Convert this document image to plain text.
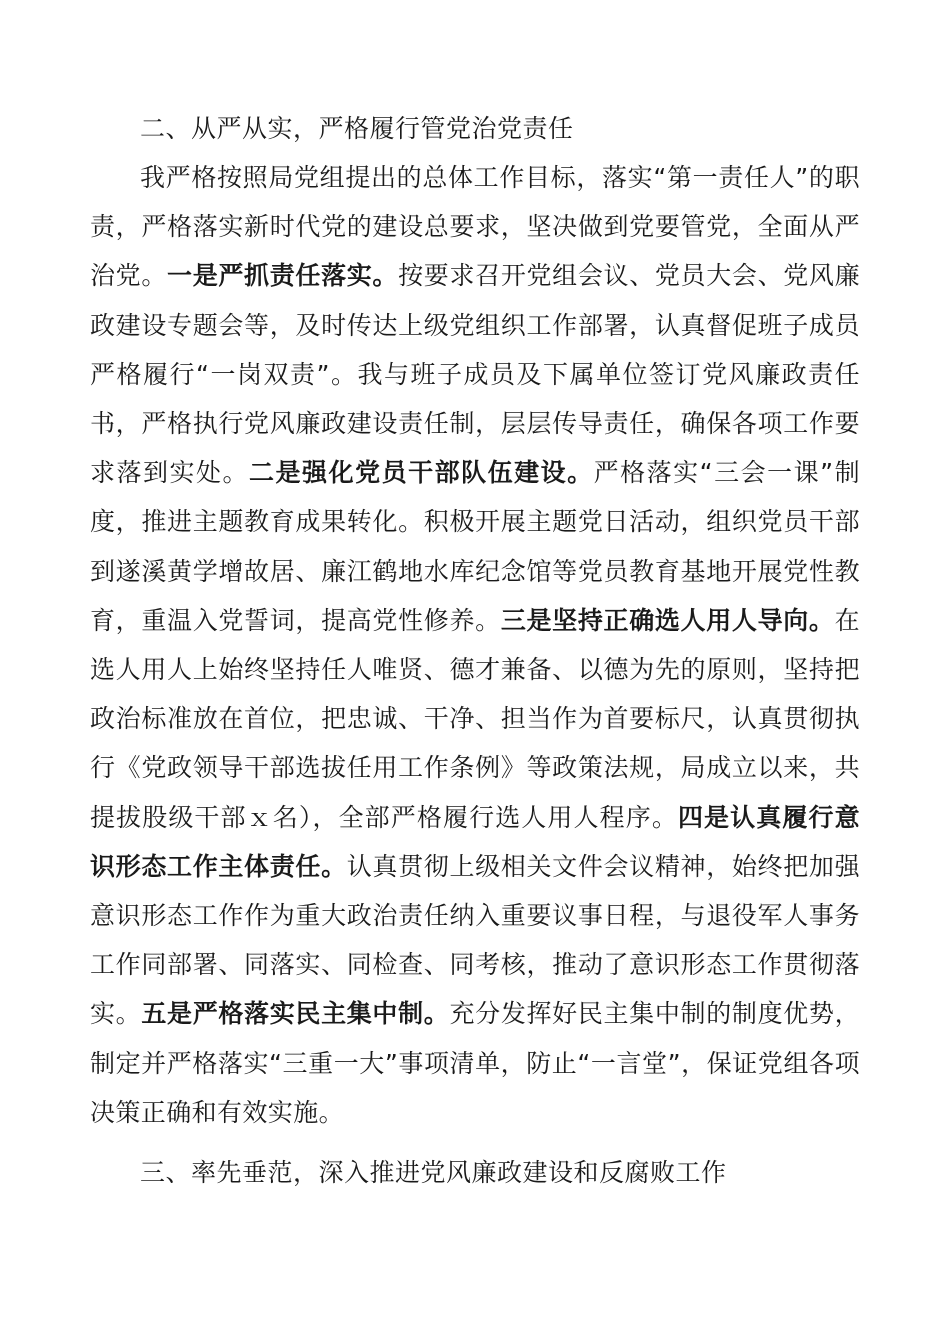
二、从严从实，严格履行管党治党责任

我严格按照局党组提出的总体工作目标，落实“第一责任人”的职责，严格落实新时代党的建设总要求，坚决做到党要管党，全面从严治党。一是严抓责任落实。按要求召开党组会议、党员大会、党风廉政建设专题会等，及时传达上级党组织工作部署，认真督促班子成员严格履行“一岗双责”。我与班子成员及下属单位签订党风廉政责任书，严格执行党风廉政建设责任制，层层传导责任，确保各项工作要求落到实处。二是强化党员干部队伍建设。严格落实“三会一课”制度，推进主题教育成果转化。积极开展主题党日活动，组织党员干部到遂溪黄学增故居、廉江鹤地水库纪念馆等党员教育基地开展党性教育，重温入党誓词，提高党性修养。三是坚持正确选人用人导向。在选人用人上始终坚持任人唯贤、德才兼备、以德为先的原则，坚持把政治标准放在首位，把忠诚、干净、担当作为首要标尺，认真贯彻执行《党政领导干部选拔任用工作条例》等政策法规，局成立以来，共提拔股级干部ｘ名），全部严格履行选人用人程序。四是认真履行意识形态工作主体责任。认真贯彻上级相关文件会议精神，始终把加强意识形态工作作为重大政治责任纳入重要议事日程，与退役军人事务工作同部署、同落实、同检查、同考核，推动了意识形态工作贯彻落实。五是严格落实民主集中制。充分发挥好民主集中制的制度优势，制定并严格落实“三重一大”事项清单，防止“一言堂”，保证党组各项决策正确和有效实施。

三、率先垂范，深入推进党风廉政建设和反腐败工作
